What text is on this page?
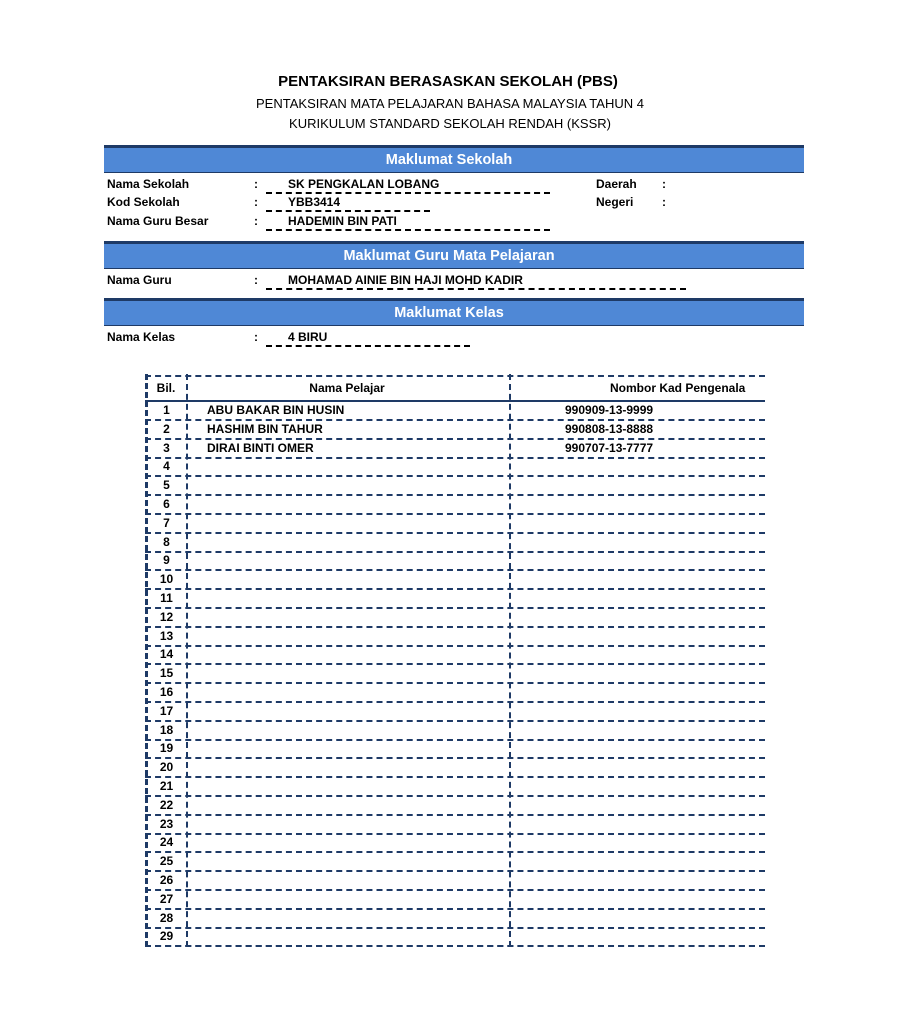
PENTAKSIRAN BERASASKAN SEKOLAH (PBS)
PENTAKSIRAN MATA PELAJARAN BAHASA MALAYSIA TAHUN 4
KURIKULUM STANDARD SEKOLAH RENDAH (KSSR)
Maklumat Sekolah
Nama Sekolah	:	SK PENGKALAN LOBANG	Daerah :
Kod Sekolah	:	YBB3414	Negeri :
Nama Guru Besar	:	HADEMIN BIN PATI
Maklumat Guru Mata Pelajaran
Nama Guru	:	MOHAMAD AINIE BIN HAJI MOHD KADIR
Maklumat Kelas
Nama Kelas	:	4 BIRU
Bil.	Nama Pelajar	Nombor Kad Pengenala
1	ABU BAKAR BIN HUSIN	990909-13-9999
2	HASHIM BIN TAHUR	990808-13-8888
3	DIRAI BINTI OMER	990707-13-7777
4
5
6
7
8
9
10
11
12
13
14
15
16
17
18
19
20
21
22
23
24
25
26
27
28
29
